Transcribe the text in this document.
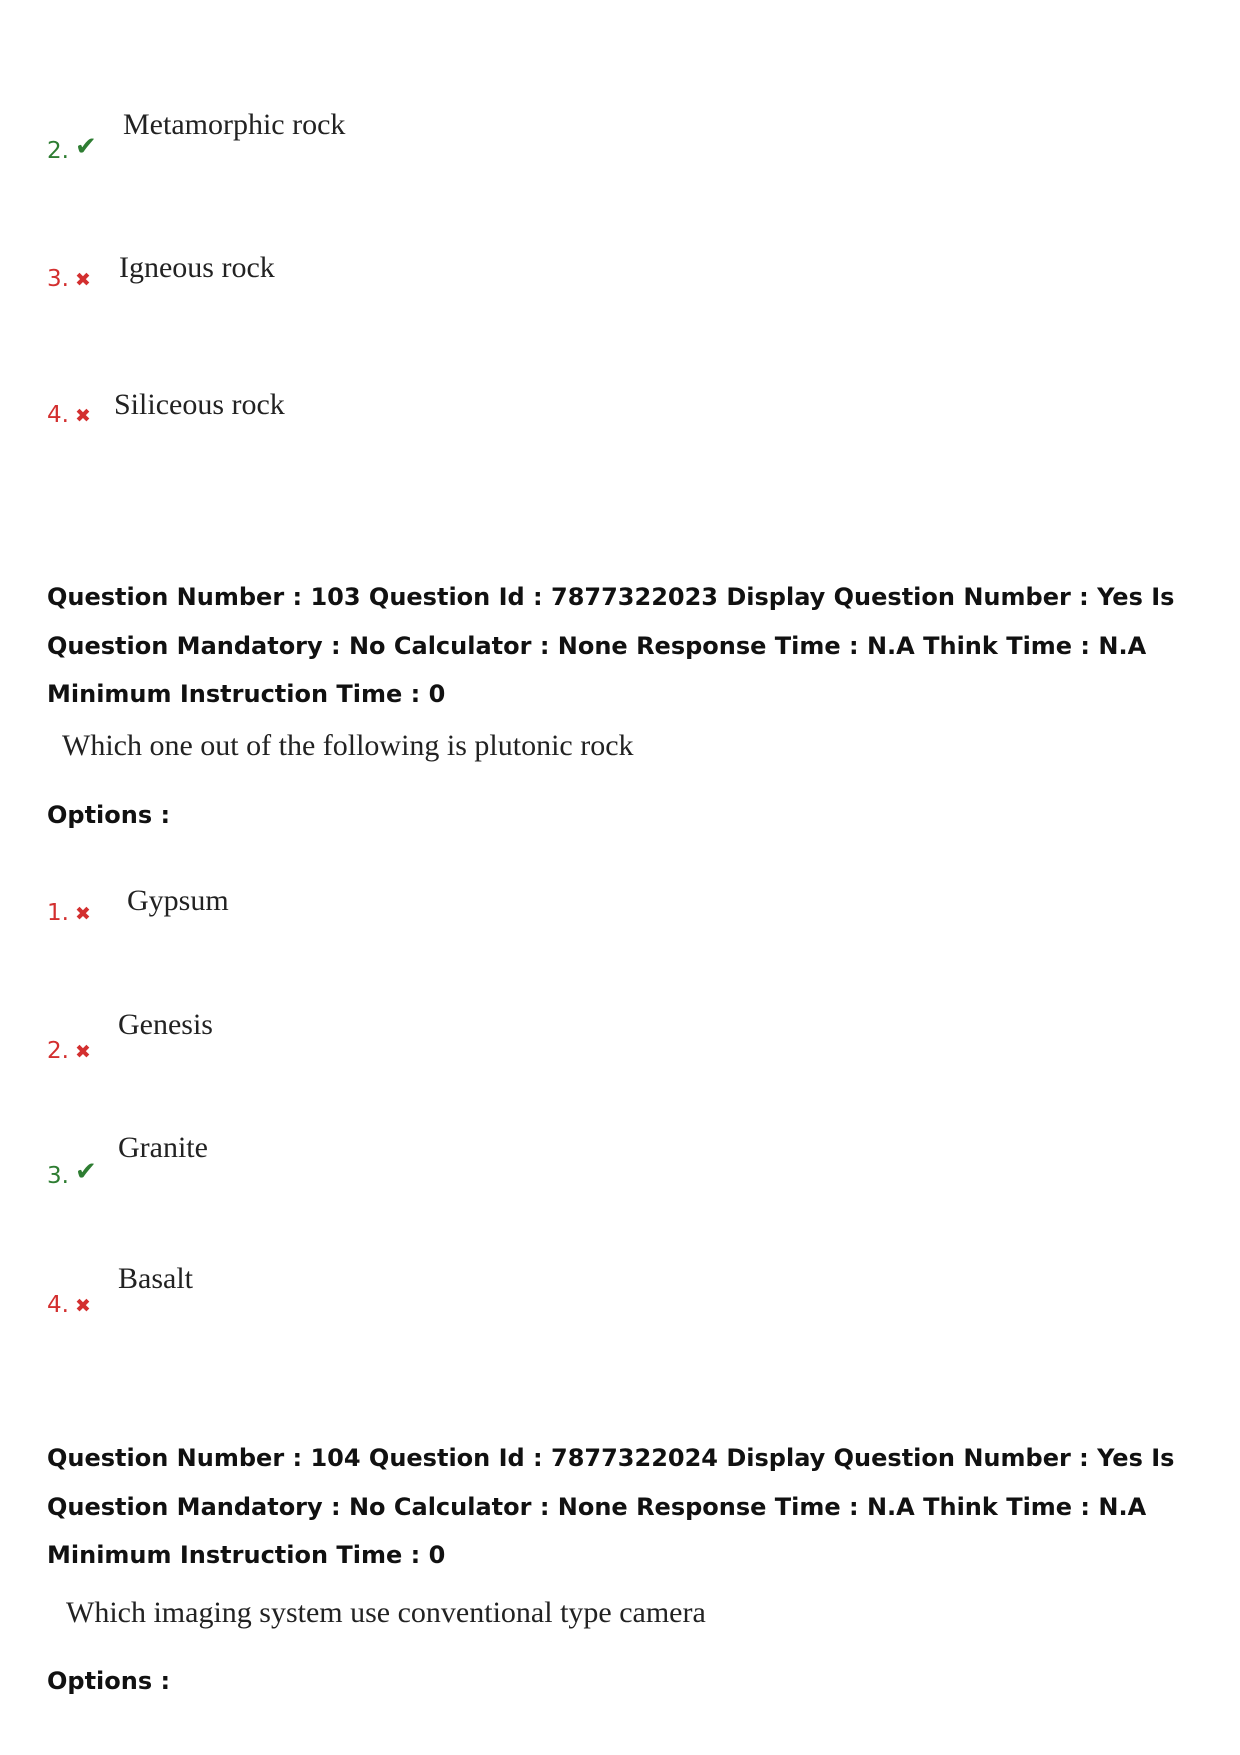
2. ✔
Metamorphic rock
3. ✖ Igneous rock
4. ✖ Siliceous rock
Question Number : 103 Question Id : 7877322023 Display Question Number : Yes Is Question Mandatory : No Calculator : None Response Time : N.A Think Time : N.A Minimum Instruction Time : 0
Which one out of the following is plutonic rock
Options :
1. ✖ Gypsum
2. ✖
Genesis
3. ✔
Granite
4. ✖
Basalt
Question Number : 104 Question Id : 7877322024 Display Question Number : Yes Is Question Mandatory : No Calculator : None Response Time : N.A Think Time : N.A Minimum Instruction Time : 0
Which imaging system use conventional type camera
Options :
